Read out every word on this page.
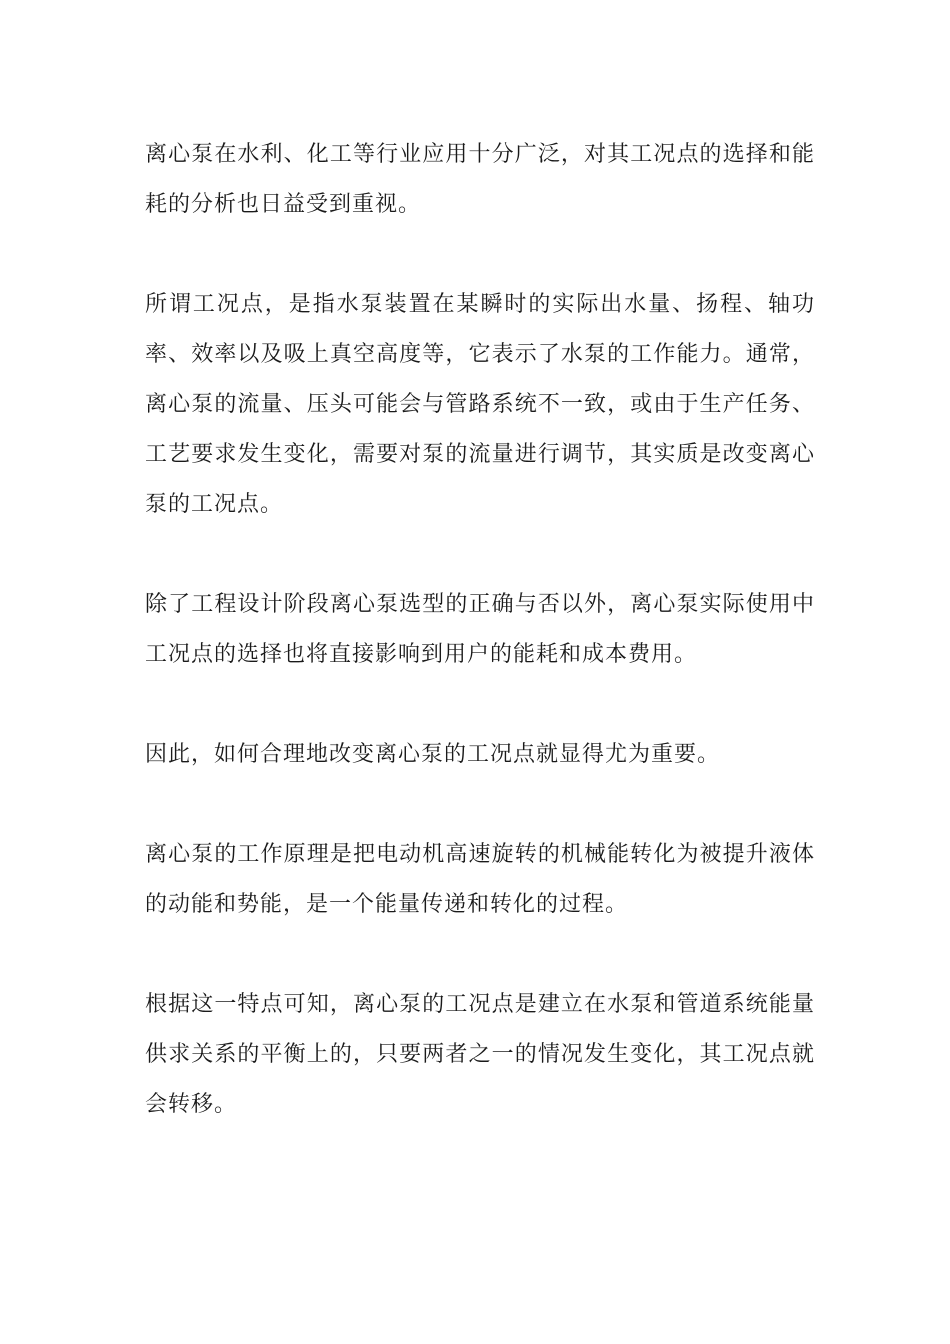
离心泵在水利、化工等行业应用十分广泛，对其工况点的选择和能耗的分析也日益受到重视。

所谓工况点，是指水泵装置在某瞬时的实际出水量、扬程、轴功率、效率以及吸上真空高度等，它表示了水泵的工作能力。通常，离心泵的流量、压头可能会与管路系统不一致，或由于生产任务、工艺要求发生变化，需要对泵的流量进行调节，其实质是改变离心泵的工况点。

除了工程设计阶段离心泵选型的正确与否以外，离心泵实际使用中工况点的选择也将直接影响到用户的能耗和成本费用。

因此，如何合理地改变离心泵的工况点就显得尤为重要。

离心泵的工作原理是把电动机高速旋转的机械能转化为被提升液体的动能和势能，是一个能量传递和转化的过程。

根据这一特点可知，离心泵的工况点是建立在水泵和管道系统能量供求关系的平衡上的，只要两者之一的情况发生变化，其工况点就会转移。
